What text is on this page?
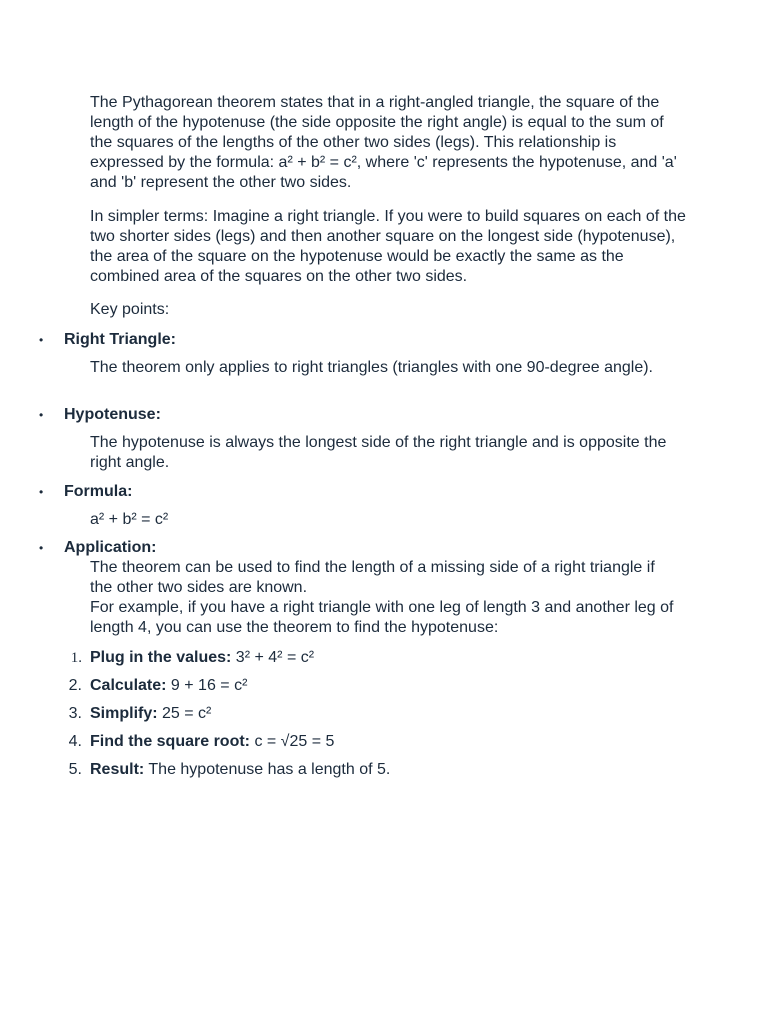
The Pythagorean theorem states that in a right-angled triangle, the square of the length of the hypotenuse (the side opposite the right angle) is equal to the sum of the squares of the lengths of the other two sides (legs). This relationship is expressed by the formula: a² + b² = c², where 'c' represents the hypotenuse, and 'a' and 'b' represent the other two sides.

In simpler terms: Imagine a right triangle. If you were to build squares on each of the two shorter sides (legs) and then another square on the longest side (hypotenuse), the area of the square on the hypotenuse would be exactly the same as the combined area of the squares on the other two sides.

Key points:

• Right Triangle:

The theorem only applies to right triangles (triangles with one 90-degree angle).

• Hypotenuse:

The hypotenuse is always the longest side of the right triangle and is opposite the right angle.

• Formula:

a² + b² = c²

• Application:

The theorem can be used to find the length of a missing side of a right triangle if the other two sides are known.

For example, if you have a right triangle with one leg of length 3 and another leg of length 4, you can use the theorem to find the hypotenuse:

1. Plug in the values: 3² + 4² = c²
2. Calculate: 9 + 16 = c²
3. Simplify: 25 = c²
4. Find the square root: c = √25 = 5
5. Result: The hypotenuse has a length of 5.
